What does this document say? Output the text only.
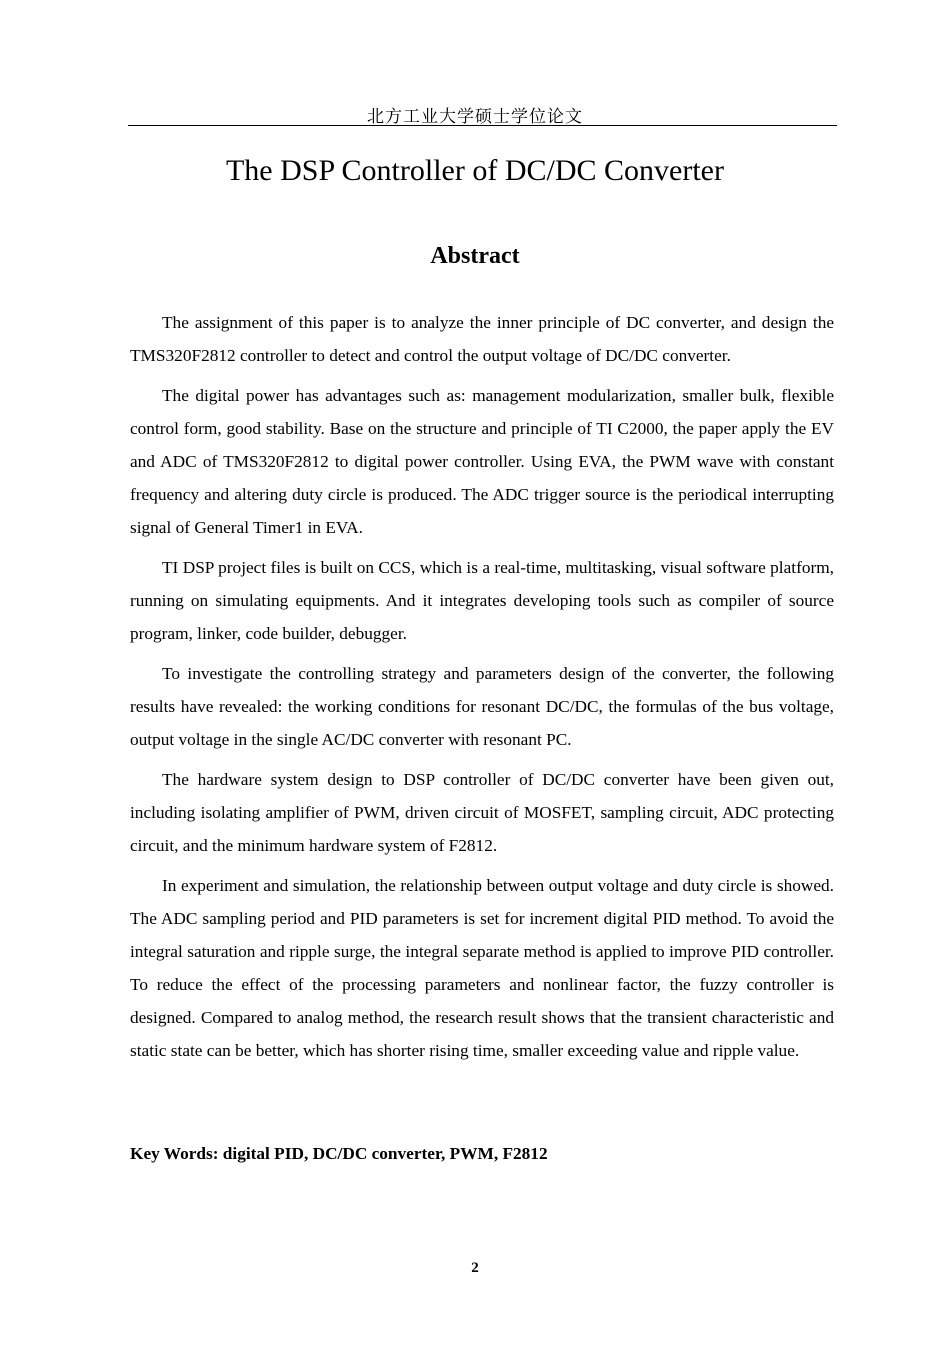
北方工业大学硕士学位论文
The DSP Controller of DC/DC Converter
Abstract

The assignment of this paper is to analyze the inner principle of DC converter, and design the TMS320F2812 controller to detect and control the output voltage of DC/DC converter.

The digital power has advantages such as: management modularization, smaller bulk, flexible control form, good stability. Base on the structure and principle of TI C2000, the paper apply the EV and ADC of TMS320F2812 to digital power controller. Using EVA, the PWM wave with constant frequency and altering duty circle is produced. The ADC trigger source is the periodical interrupting signal of General Timer1 in EVA.

TI DSP project files is built on CCS, which is a real-time, multitasking, visual software platform, running on simulating equipments. And it integrates developing tools such as compiler of source program, linker, code builder, debugger.

To investigate the controlling strategy and parameters design of the converter, the following results have revealed: the working conditions for resonant DC/DC, the formulas of the bus voltage, output voltage in the single AC/DC converter with resonant PC.

The hardware system design to DSP controller of DC/DC converter have been given out, including isolating amplifier of PWM, driven circuit of MOSFET, sampling circuit, ADC protecting circuit, and the minimum hardware system of F2812.

In experiment and simulation, the relationship between output voltage and duty circle is showed. The ADC sampling period and PID parameters is set for increment digital PID method. To avoid the integral saturation and ripple surge, the integral separate method is applied to improve PID controller. To reduce the effect of the processing parameters and nonlinear factor, the fuzzy controller is designed. Compared to analog method, the research result shows that the transient characteristic and static state can be better, which has shorter rising time, smaller exceeding value and ripple value.

Key Words: digital PID, DC/DC converter, PWM, F2812
2
